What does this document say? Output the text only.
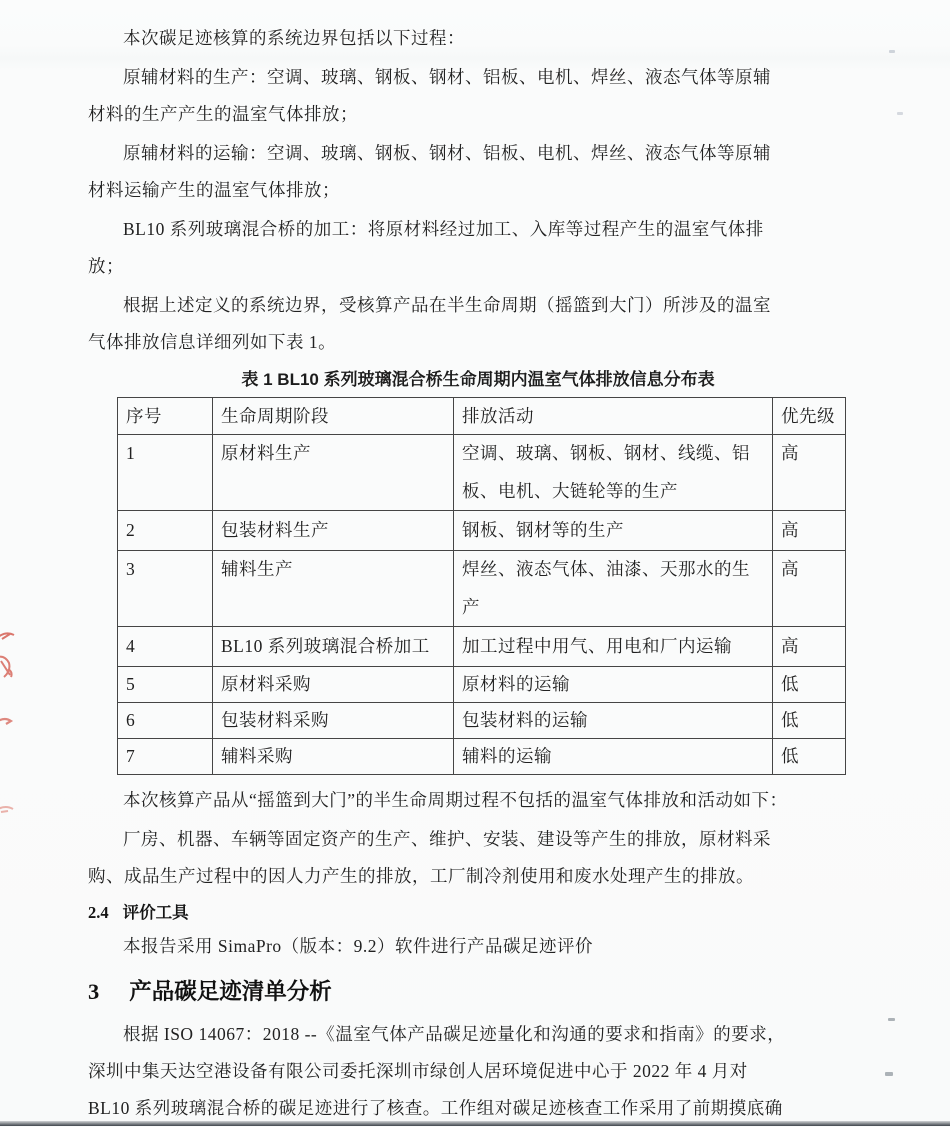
本次碳足迹核算的系统边界包括以下过程：
原辅材料的生产：空调、玻璃、钢板、钢材、铝板、电机、焊丝、液态气体等原辅
材料的生产产生的温室气体排放；
原辅材料的运输：空调、玻璃、钢板、钢材、铝板、电机、焊丝、液态气体等原辅
材料运输产生的温室气体排放；
BL10 系列玻璃混合桥的加工：将原材料经过加工、入库等过程产生的温室气体排
放；
根据上述定义的系统边界，受核算产品在半生命周期（摇篮到大门）所涉及的温室
气体排放信息详细列如下表 1。
表 1 BL10 系列玻璃混合桥生命周期内温室气体排放信息分布表
序号	生命周期阶段	排放活动	优先级
1	原材料生产	空调、玻璃、钢板、钢材、线缆、铝板、电机、大链轮等的生产	高
2	包装材料生产	钢板、钢材等的生产	高
3	辅料生产	焊丝、液态气体、油漆、天那水的生产	高
4	BL10 系列玻璃混合桥加工	加工过程中用气、用电和厂内运输	高
5	原材料采购	原材料的运输	低
6	包装材料采购	包装材料的运输	低
7	辅料采购	辅料的运输	低
本次核算产品从“摇篮到大门”的半生命周期过程不包括的温室气体排放和活动如下：
厂房、机器、车辆等固定资产的生产、维护、安装、建设等产生的排放，原材料采
购、成品生产过程中的因人力产生的排放，工厂制冷剂使用和废水处理产生的排放。
2.4 评价工具
本报告采用 SimaPro（版本：9.2）软件进行产品碳足迹评价
3 产品碳足迹清单分析
根据 ISO 14067：2018 --《温室气体产品碳足迹量化和沟通的要求和指南》的要求，
深圳中集天达空港设备有限公司委托深圳市绿创人居环境促进中心于 2022 年 4 月对
BL10 系列玻璃混合桥的碳足迹进行了核查。工作组对碳足迹核查工作采用了前期摸底确
